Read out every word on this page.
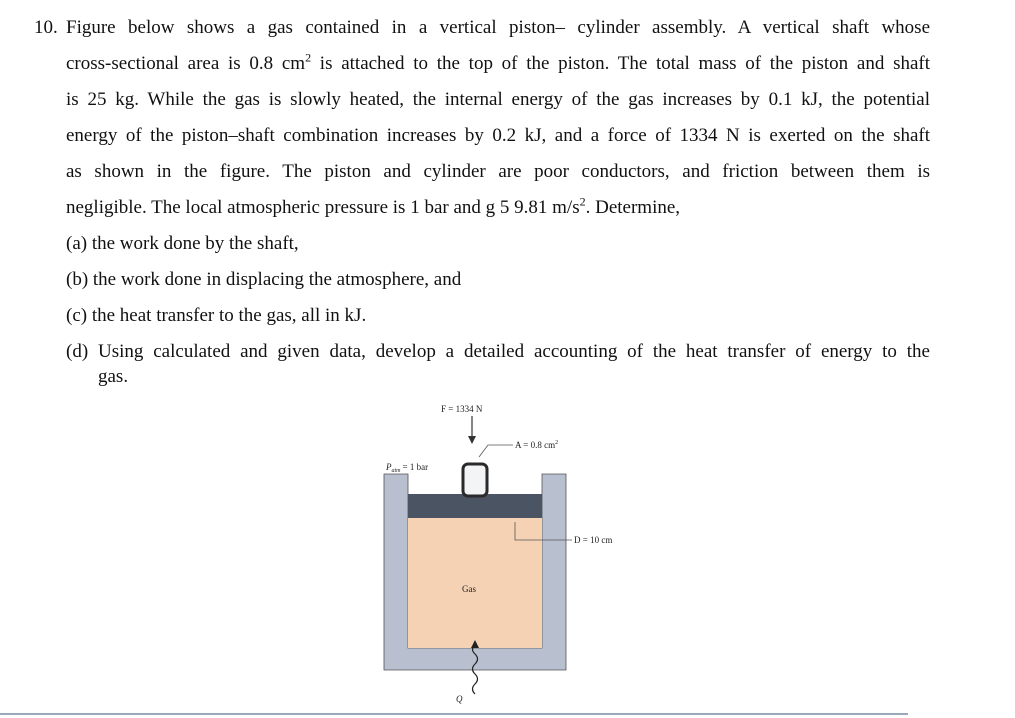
10. Figure below shows a gas contained in a vertical piston– cylinder assembly. A vertical shaft whose
cross-sectional area is 0.8 $cm^2$ is attached to the top of the piston. The total mass of the piston and shaft
is 25 kg. While the gas is slowly heated, the internal energy of the gas increases by 0.1 kJ, the potential
energy of the piston–shaft combination increases by 0.2 kJ, and a force of 1334 N is exerted on the shaft
as shown in the figure. The piston and cylinder are poor conductors, and friction between them is
negligible. The local atmospheric pressure is 1 bar and g 5 9.81 $m/s^2$. Determine,
(a) the work done by the shaft,
(b) the work done in displacing the atmosphere, and
(c) the heat transfer to the gas, all in kJ.
(d) Using calculated and given data, develop a detailed accounting of the heat transfer of energy to the
gas.
F = 1334 N
A = 0.8 $cm^2$
$P_{atm} = 1$ bar
D = 10 cm
Gas
Q
